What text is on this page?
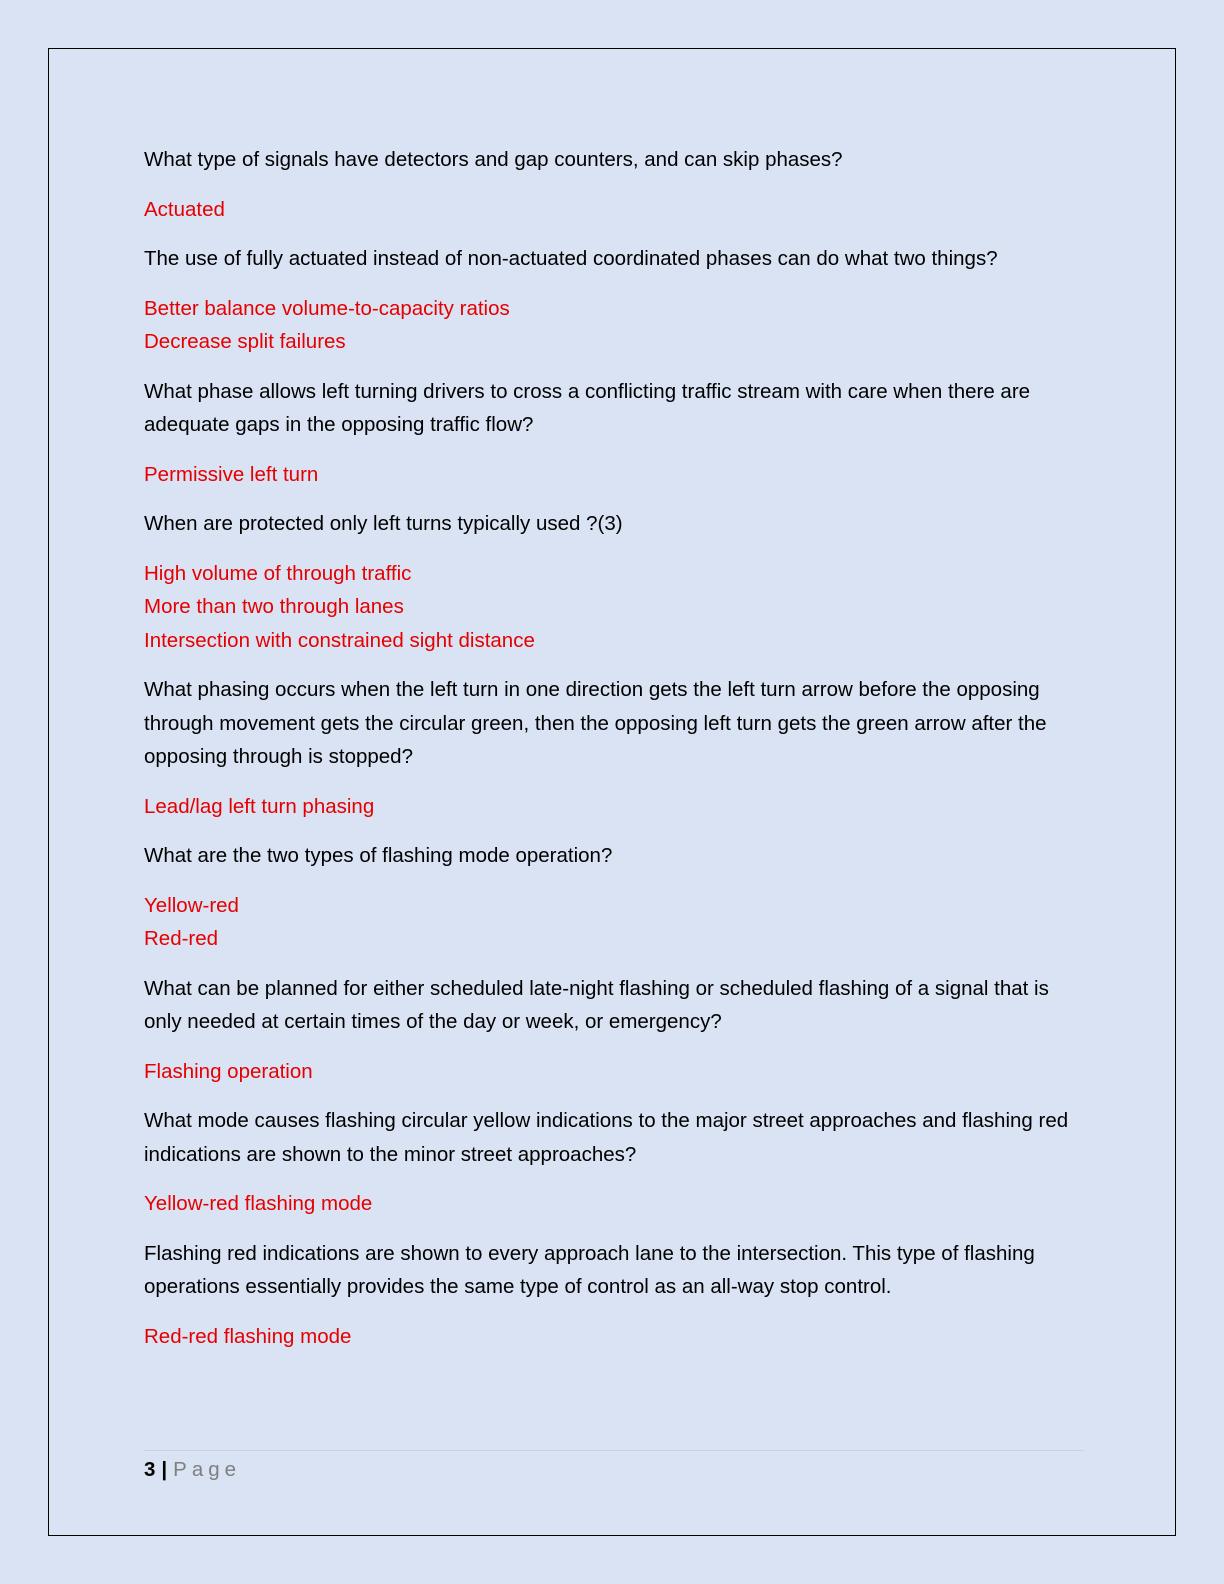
What type of signals have detectors and gap counters, and can skip phases?

Actuated

The use of fully actuated instead of non-actuated coordinated phases can do what two things?

Better balance volume-to-capacity ratios
Decrease split failures

What phase allows left turning drivers to cross a conflicting traffic stream with care when there are adequate gaps in the opposing traffic flow?

Permissive left turn

When are protected only left turns typically used ?(3)

High volume of through traffic
More than two through lanes
Intersection with constrained sight distance

What phasing occurs when the left turn in one direction gets the left turn arrow before the opposing through movement gets the circular green, then the opposing left turn gets the green arrow after the opposing through is stopped?

Lead/lag left turn phasing

What are the two types of flashing mode operation?

Yellow-red
Red-red

What can be planned for either scheduled late-night flashing or scheduled flashing of a signal that is only needed at certain times of the day or week, or emergency?

Flashing operation

What mode causes flashing circular yellow indications to the major street approaches and flashing red indications are shown to the minor street approaches?

Yellow-red flashing mode

Flashing red indications are shown to every approach lane to the intersection. This type of flashing operations essentially provides the same type of control as an all-way stop control.

Red-red flashing mode

3 | Page
